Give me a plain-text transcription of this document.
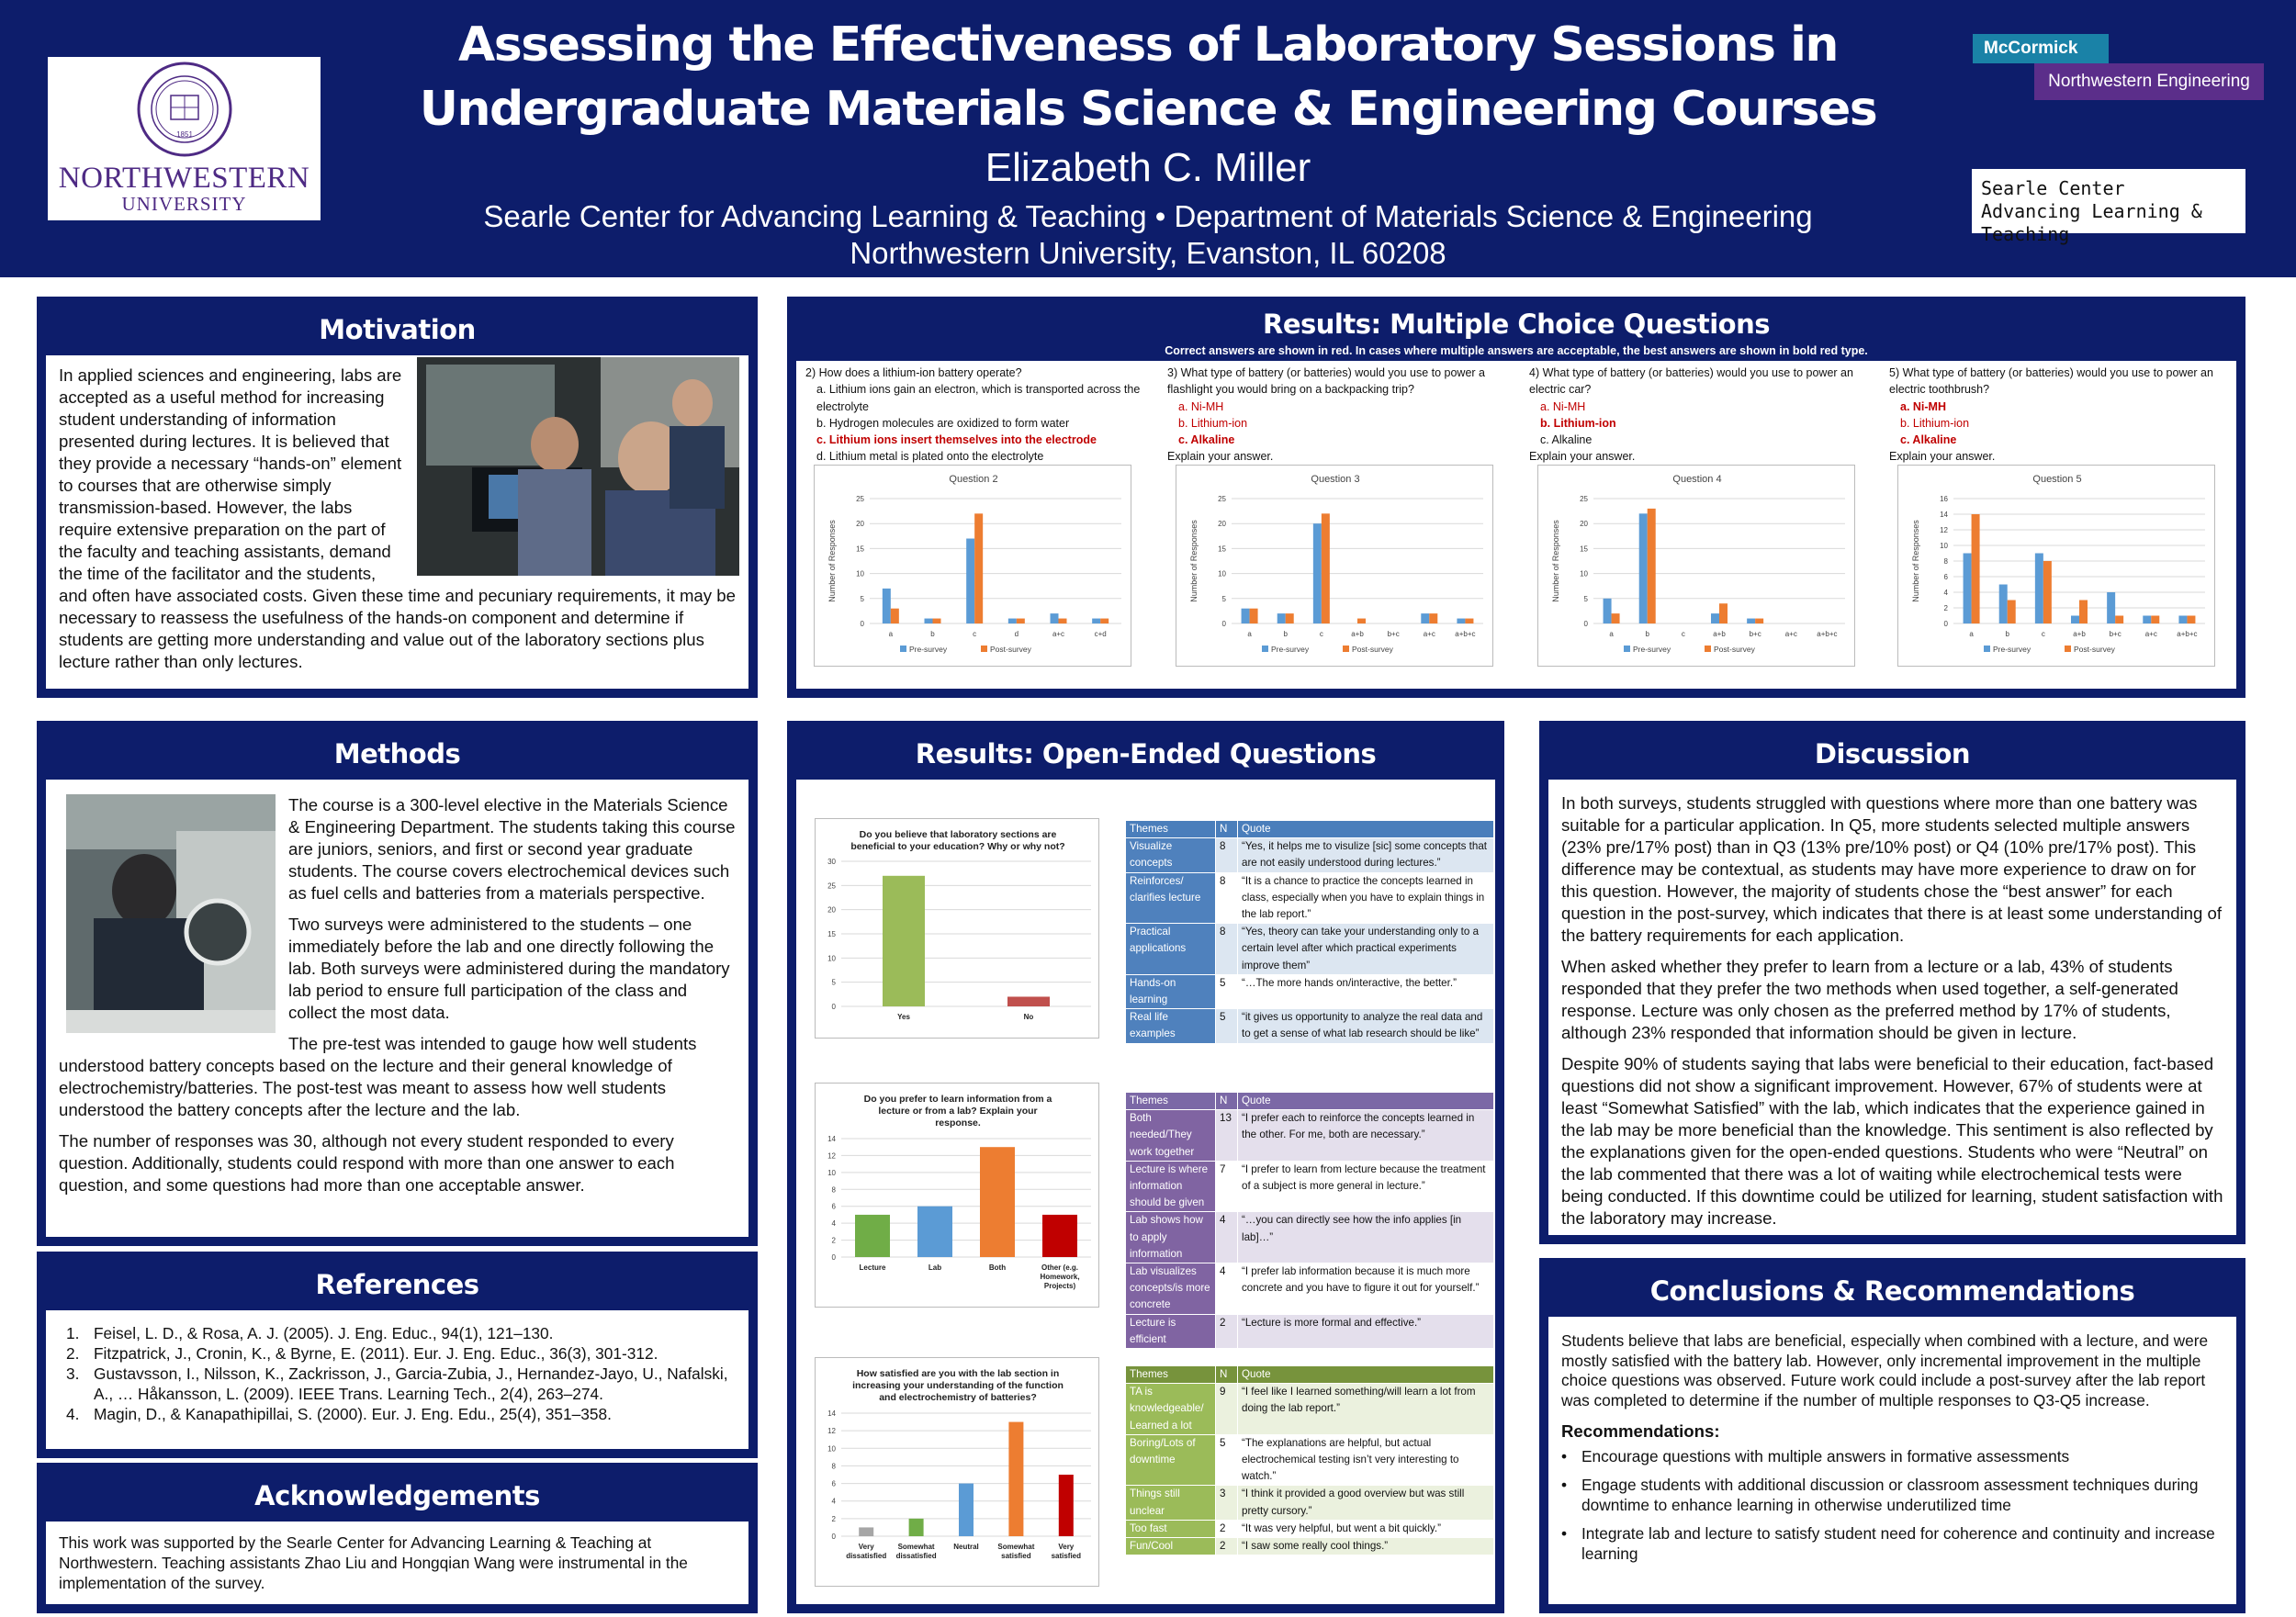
1851
NORTHWESTERN
UNIVERSITY
Assessing the Effectiveness of Laboratory Sessions in
Undergraduate Materials Science & Engineering Courses
Elizabeth C. Miller
Searle Center for Advancing Learning & Teaching • Department of Materials Science & Engineering
Northwestern University, Evanston, IL 60208
McCormick
Northwestern Engineering
Searle Center
Advancing Learning & Teaching
Motivation

In applied sciences and engineering, labs are accepted as a useful method for increasing student understanding of information presented during lectures. It is believed that they provide a necessary “hands-on” element to courses that are otherwise simply transmission-based. However, the labs require extensive preparation on the part of the faculty and teaching assistants, demand the time of the facilitator and the students, and often have associated costs. Given these time and pecuniary requirements, it may be necessary to reassess the usefulness of the hands-on component and determine if students are getting more understanding and value out of the laboratory sections plus lecture rather than only lectures.

Methods

The course is a 300-level elective in the Materials Science & Engineering Department. The students taking this course are juniors, seniors, and first or second year graduate students. The course covers electrochemical devices such as fuel cells and batteries from a materials perspective.

Two surveys were administered to the students – one immediately before the lab and one directly following the lab. Both surveys were administered during the mandatory lab period to ensure full participation of the class and collect the most data.

The pre-test was intended to gauge how well students understood battery concepts based on the lecture and their general knowledge of electrochemistry/batteries. The post-test was meant to assess how well students understood the battery concepts after the lecture and the lab.

The number of responses was 30, although not every student responded to every question. Additionally, students could respond with more than one answer to each question, and some questions had more than one acceptable answer.

References
1. Feisel, L. D., & Rosa, A. J. (2005). J. Eng. Educ., 94(1), 121–130.
2. Fitzpatrick, J., Cronin, K., & Byrne, E. (2011). Eur. J. Eng. Educ., 36(3), 301-312.
3. Gustavsson, I., Nilsson, K., Zackrisson, J., Garcia-Zubia, J., Hernandez-Jayo, U., Nafalski, A., … Håkansson, L. (2009). IEEE Trans. Learning Tech., 2(4), 263–274.
4. Magin, D., & Kanapathipillai, S. (2000). Eur. J. Eng. Edu., 25(4), 351–358.
Acknowledgements

This work was supported by the Searle Center for Advancing Learning & Teaching at Northwestern. Teaching assistants Zhao Liu and Hongqian Wang were instrumental in the implementation of the survey.

Results: Multiple Choice Questions
Correct answers are shown in red. In cases where multiple answers are acceptable, the best answers are shown in bold red type.
2) How does a lithium-ion battery operate?
a. Lithium ions gain an electron, which is transported across the electrolyte
b. Hydrogen molecules are oxidized to form water
c. Lithium ions insert themselves into the electrode
d. Lithium metal is plated onto the electrolyte
Question 2
0
5
10
15
20
25
Number of Responses
a	b	c	d	a+c	c+d
Pre-survey	Post-survey
3) What type of battery (or batteries) would you use to power a flashlight you would bring on a backpacking trip?
a. Ni-MH
b. Lithium-ion
c. Alkaline
Explain your answer.
Question 3
0
5
10
15
20
25
Number of Responses
a	b	c	a+b	b+c	a+c	a+b+c
Pre-survey	Post-survey
4) What type of battery (or batteries) would you use to power an electric car?
a. Ni-MH
b. Lithium-ion
c. Alkaline
Explain your answer.
Question 4
0
5
10
15
20
25
Number of Responses
a	b	c	a+b	b+c	a+c	a+b+c
Pre-survey	Post-survey
5) What type of battery (or batteries) would you use to power an electric toothbrush?
a. Ni-MH
b. Lithium-ion
c. Alkaline
Explain your answer.
Question 5
0
2
4
6
8
10
12
14
16
Number of Responses
a	b	c	a+b	b+c	a+c	a+b+c
Pre-survey	Post-survey
Results: Open-Ended Questions
Do you believe that laboratory sections are beneficial to your education? Why or why not?
0
5
10
15
20
25
30
Yes	No
Themes	N	Quote
Visualize concepts	8	“Yes, it helps me to visulize [sic] some concepts that are not easily understood during lectures.”
Reinforces/ clarifies lecture	8	“It is a chance to practice the concepts learned in class, especially when you have to explain things in the lab report.”
Practical applications	8	“Yes, theory can take your understanding only to a certain level after which practical experiments improve them”
Hands-on learning	5	“…The more hands on/interactive, the better.”
Real life examples	5	“it gives us opportunity to analyze the real data and to get a sense of what lab research should be like”
Do you prefer to learn information from a lecture or from a lab? Explain your response.
0
2
4
6
8
10
12
14
Lecture	Lab	Both	Other (e.g. Homework, Projects)
Themes	N	Quote
Both needed/They work together	13	“I prefer each to reinforce the concepts learned in the other. For me, both are necessary.”
Lecture is where information should be given	7	“I prefer to learn from lecture because the treatment of a subject is more general in lecture.”
Lab shows how to apply information	4	“…you can directly see how the info applies [in lab]…”
Lab visualizes concepts/is more concrete	4	“I prefer lab information because it is much more concrete and you have to figure it out for yourself.”
Lecture is efficient	2	“Lecture is more formal and effective.”
How satisfied are you with the lab section in increasing your understanding of the function and electrochemistry of batteries?
0
2
4
6
8
10
12
14
Very dissatisfied
Somewhat dissatisfied
Neutral	Somewhat satisfied
Very satisfied
Themes	N	Quote
TA is knowledgeable/ Learned a lot	9	“I feel like I learned something/will learn a lot from doing the lab report.”
Boring/Lots of downtime	5	“The explanations are helpful, but actual electrochemical testing isn’t very interesting to watch.”
Things still unclear	3	“I think it provided a good overview but was still pretty cursory.”
Too fast	2	“It was very helpful, but went a bit quickly.”
Fun/Cool	2	“I saw some really cool things.”
Discussion

In both surveys, students struggled with questions where more than one battery was suitable for a particular application. In Q5, more students selected multiple answers (23% pre/17% post) than in Q3 (13% pre/10% post) or Q4 (10% pre/17% post). This difference may be contextual, as students may have more experience to draw on for this question. However, the majority of students chose the “best answer” for each question in the post-survey, which indicates that there is at least some understanding of the battery requirements for each application.

When asked whether they prefer to learn from a lecture or a lab, 43% of students responded that they prefer the two methods when used together, a self-generated response. Lecture was only chosen as the preferred method by 17% of students, although 23% responded that information should be given in lecture.

Despite 90% of students saying that labs were beneficial to their education, fact-based questions did not show a significant improvement. However, 67% of students were at least “Somewhat Satisfied” with the lab, which indicates that the experience gained in the lab may be more beneficial than the knowledge. This sentiment is also reflected by the explanations given for the open-ended questions. Students who were “Neutral” on the lab commented that there was a lot of waiting while electrochemical tests were being conducted. If this downtime could be utilized for learning, student satisfaction with the laboratory may increase.

Conclusions & Recommendations

Students believe that labs are beneficial, especially when combined with a lecture, and were mostly satisfied with the battery lab. However, only incremental improvement in the multiple choice questions was observed. Future work could include a post-survey after the lab report was completed to determine if the number of multiple responses to Q3-Q5 increase.

Recommendations:
• Encourage questions with multiple answers in formative assessments
• Engage students with additional discussion or classroom assessment techniques during downtime to enhance learning in otherwise underutilized time
• Integrate lab and lecture to satisfy student need for coherence and continuity and increase learning
